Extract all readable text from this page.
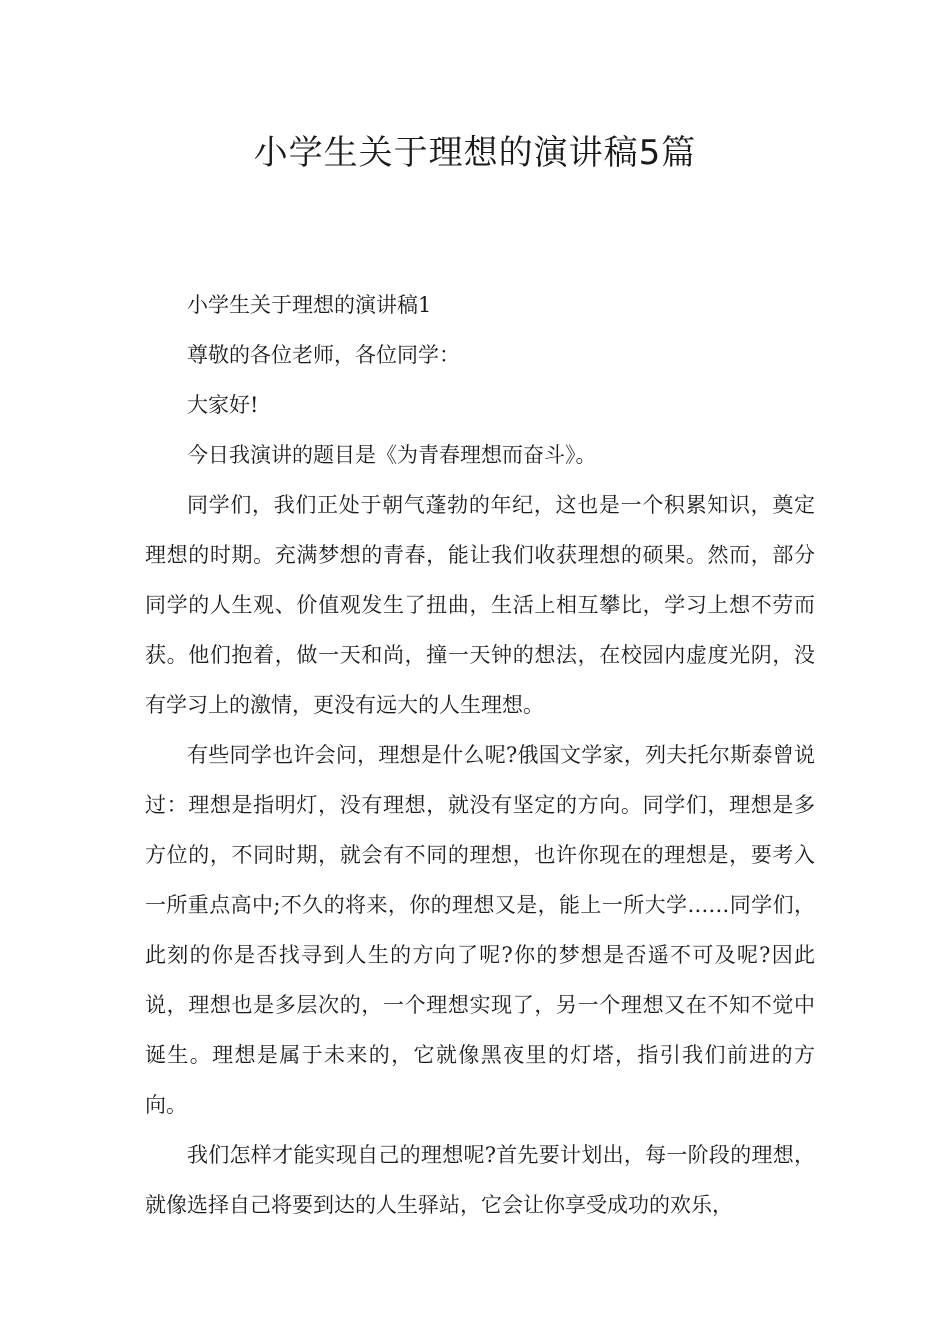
小学生关于理想的演讲稿5篇

小学生关于理想的演讲稿1

尊敬的各位老师，各位同学：

大家好!

今日我演讲的题目是《为青春理想而奋斗》。

同学们，我们正处于朝气蓬勃的年纪，这也是一个积累知识，奠定理想的时期。充满梦想的青春，能让我们收获理想的硕果。然而，部分同学的人生观、价值观发生了扭曲，生活上相互攀比，学习上想不劳而获。他们抱着，做一天和尚，撞一天钟的想法，在校园内虚度光阴，没有学习上的激情，更没有远大的人生理想。

有些同学也许会问，理想是什么呢?俄国文学家，列夫托尔斯泰曾说过：理想是指明灯，没有理想，就没有坚定的方向。同学们，理想是多方位的，不同时期，就会有不同的理想，也许你现在的理想是，要考入一所重点高中;不久的将来，你的理想又是，能上一所大学……同学们，此刻的你是否找寻到人生的方向了呢?你的梦想是否遥不可及呢?因此说，理想也是多层次的，一个理想实现了，另一个理想又在不知不觉中诞生。理想是属于未来的，它就像黑夜里的灯塔，指引我们前进的方向。

我们怎样才能实现自己的理想呢?首先要计划出，每一阶段的理想，就像选择自己将要到达的人生驿站，它会让你享受成功的欢乐，
